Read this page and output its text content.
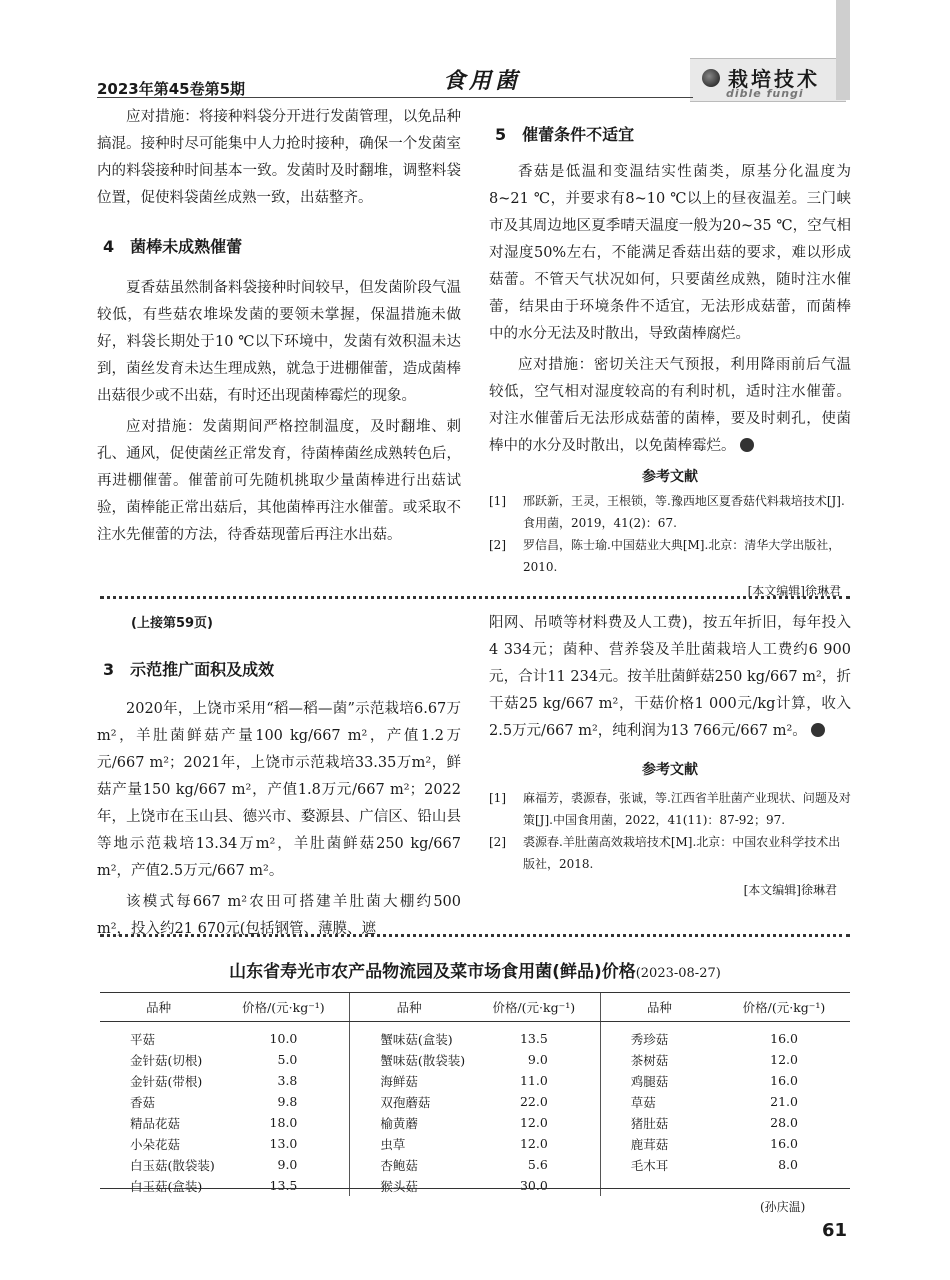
2023年第45卷第5期	食用菌	栽培技术
dible fungi

应对措施：将接种料袋分开进行发菌管理，以免品种搞混。接种时尽可能集中人力抢时接种，确保一个发菌室内的料袋接种时间基本一致。发菌时及时翻堆，调整料袋位置，促使料袋菌丝成熟一致，出菇整齐。

4　菌棒未成熟催蕾

夏香菇虽然制备料袋接种时间较早，但发菌阶段气温较低，有些菇农堆垛发菌的要领未掌握，保温措施未做好，料袋长期处于10 ℃以下环境中，发菌有效积温未达到，菌丝发育未达生理成熟，就急于进棚催蕾，造成菌棒出菇很少或不出菇，有时还出现菌棒霉烂的现象。

应对措施：发菌期间严格控制温度，及时翻堆、刺孔、通风，促使菌丝正常发育，待菌棒菌丝成熟转色后，再进棚催蕾。催蕾前可先随机挑取少量菌棒进行出菇试验，菌棒能正常出菇后，其他菌棒再注水催蕾。或采取不注水先催蕾的方法，待香菇现蕾后再注水出菇。

5　催蕾条件不适宜

香菇是低温和变温结实性菌类，原基分化温度为8~21 ℃，并要求有8~10 ℃以上的昼夜温差。三门峡市及其周边地区夏季晴天温度一般为20~35 ℃，空气相对湿度50%左右，不能满足香菇出菇的要求，难以形成菇蕾。不管天气状况如何，只要菌丝成熟，随时注水催蕾，结果由于环境条件不适宜，无法形成菇蕾，而菌棒中的水分无法及时散出，导致菌棒腐烂。

应对措施：密切关注天气预报，利用降雨前后气温较低，空气相对湿度较高的有利时机，适时注水催蕾。对注水催蕾后无法形成菇蕾的菌棒，要及时刺孔，使菌棒中的水分及时散出，以免菌棒霉烂。

参考文献
[1]	邢跃新，王灵，王根锁，等.豫西地区夏香菇代料栽培技术[J].食用菌，2019，41(2)：67.
[2]	罗信昌，陈士瑜.中国菇业大典[M].北京：清华大学出版社，2010.
[本文编辑]徐琳君
(上接第59页)
3　示范推广面积及成效

2020年，上饶市采用“稻—稻—菌”示范栽培6.67万m²，羊肚菌鲜菇产量100 kg/667 m²，产值1.2万元/667 m²；2021年，上饶市示范栽培33.35万m²，鲜菇产量150 kg/667 m²，产值1.8万元/667 m²；2022年，上饶市在玉山县、德兴市、婺源县、广信区、铅山县等地示范栽培13.34万m²，羊肚菌鲜菇250 kg/667 m²，产值2.5万元/667 m²。

该模式每667 m²农田可搭建羊肚菌大棚约500 m²，投入约21 670元(包括钢管、薄膜、遮

阳网、吊喷等材料费及人工费)，按五年折旧，每年投入4 334元；菌种、营养袋及羊肚菌栽培人工费约6 900元，合计11 234元。按羊肚菌鲜菇250 kg/667 m²，折干菇25 kg/667 m²，干菇价格1 000元/kg计算，收入2.5万元/667 m²，纯利润为13 766元/667 m²。

参考文献
[1]	麻福芳，裘源春，张诚，等.江西省羊肚菌产业现状、问题及对策[J].中国食用菌，2022，41(11)：87-92；97.
[2]	裘源春.羊肚菌高效栽培技术[M].北京：中国农业科学技术出版社，2018.
[本文编辑]徐琳君
山东省寿光市农产品物流园及菜市场食用菌(鲜品)价格(2023-08-27)
品种	价格/(元·kg⁻¹)	品种	价格/(元·kg⁻¹)	品种	价格/(元·kg⁻¹)
平菇	10.0	蟹味菇(盒装)	13.5	秀珍菇	16.0
金针菇(切根)	5.0	蟹味菇(散袋装)	9.0	茶树菇	12.0
金针菇(带根)	3.8	海鲜菇	11.0	鸡腿菇	16.0
香菇	9.8	双孢蘑菇	22.0	草菇	21.0
精品花菇	18.0	榆黄蘑	12.0	猪肚菇	28.0
小朵花菇	13.0	虫草	12.0	鹿茸菇	16.0
白玉菇(散袋装)	9.0	杏鲍菇	5.6	毛木耳	8.0
白玉菇(盒装)	13.5	猴头菇	30.0		
(孙庆温)
61
